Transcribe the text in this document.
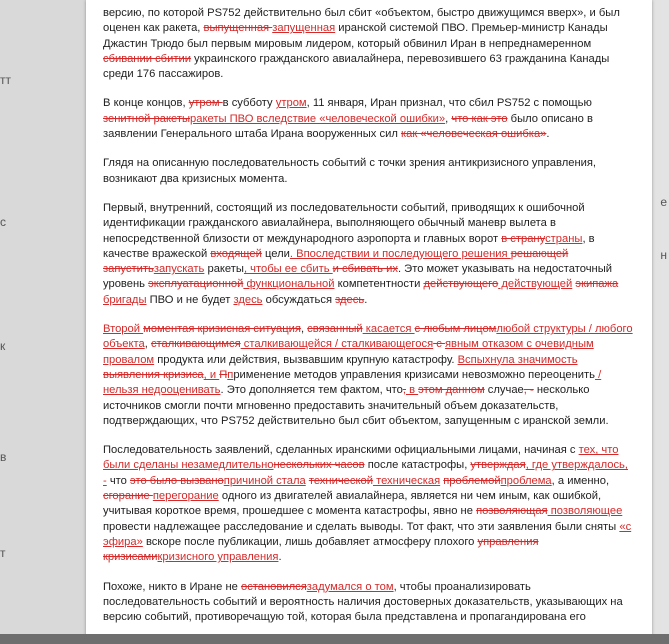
тт
с
к
в
т
е
н

версию, по которой PS752 действительно был сбит «объектом, быстро движущимся вверх», и был оценен как ракета, выпущенная запущенная иранской системой ПВО. Премьер-министр Канады Джастин Трюдо был первым мировым лидером, который обвинил Иран в непреднамеренном сбивании сбитии украинского гражданского авиалайнера, перевозившего 63 гражданина Канады среди 176 пассажиров.

В конце концов, утром в субботу утром, 11 января, Иран признал, что сбил PS752 с помощью зенитной ракетыракеты ПВО вследствие «человеческой ошибки», что как это было описано в заявлении Генерального штаба Ирана вооруженных сил как «человеческая ошибка».

Глядя на описанную последовательность событий с точки зрения антикризисного управления, возникают два кризисных момента.

Первый, внутренний, состоящий из последовательности событий, приводящих к ошибочной идентификации гражданского авиалайнера, выполняющего обычный маневр вылета в непосредственной близости от международного аэропорта и главных ворот в странустраны, в качестве вражеской входящей цели. Впоследствии и последующего решения решающей запуститьзапускать ракеты, чтобы ее сбить и сбивать их. Это может указывать на недостаточный уровень эксплуатационной функциональной компетентности действующего действующей экипажа бригады ПВО и не будет здесь обсуждаться здесь.

Второй моментая кризисная ситуация, связанный касается с любым лицомлюбой структуры / любого объекта, сталкивающимся сталкивающейся / сталкивающегося с явным отказом с очевидным провалом продукта или действия, вызвавшим крупную катастрофу. Вспыхнула значимость выявления кризиса, и Пприменение методов управления кризисами невозможно переоценить / нельзя недооценивать. Это дополняется тем фактом, что, в этом данном случае, - несколько источников смогли почти мгновенно предоставить значительный объем доказательств, подтверждающих, что PS752 действительно был сбит объектом, запущенным с иранской земли.

Последовательность заявлений, сделанных иранскими официальными лицами, начиная с тех, что были сделаны незамедлительнонескольких часов после катастрофы, утверждая, где утверждалось, - что это было вызванопричиной стала технической техническая проблемойпроблема, а именно, сгорание перегорание одного из двигателей авиалайнера, является ни чем иным, как ошибкой, учитывая короткое время, прошедшее с момента катастрофы, явно не позволяющая позволяющее провести надлежащее расследование и сделать выводы. Тот факт, что эти заявления были сняты «с эфира» вскоре после публикации, лишь добавляет атмосферу плохого управления кризисамикризисного управления.

Похоже, никто в Иране не остановилсязадумался о том, чтобы проанализировать последовательность событий и вероятность наличия достоверных доказательств, указывающих на версию событий, противоречащую той, которая была представлена и пропагандирована его
